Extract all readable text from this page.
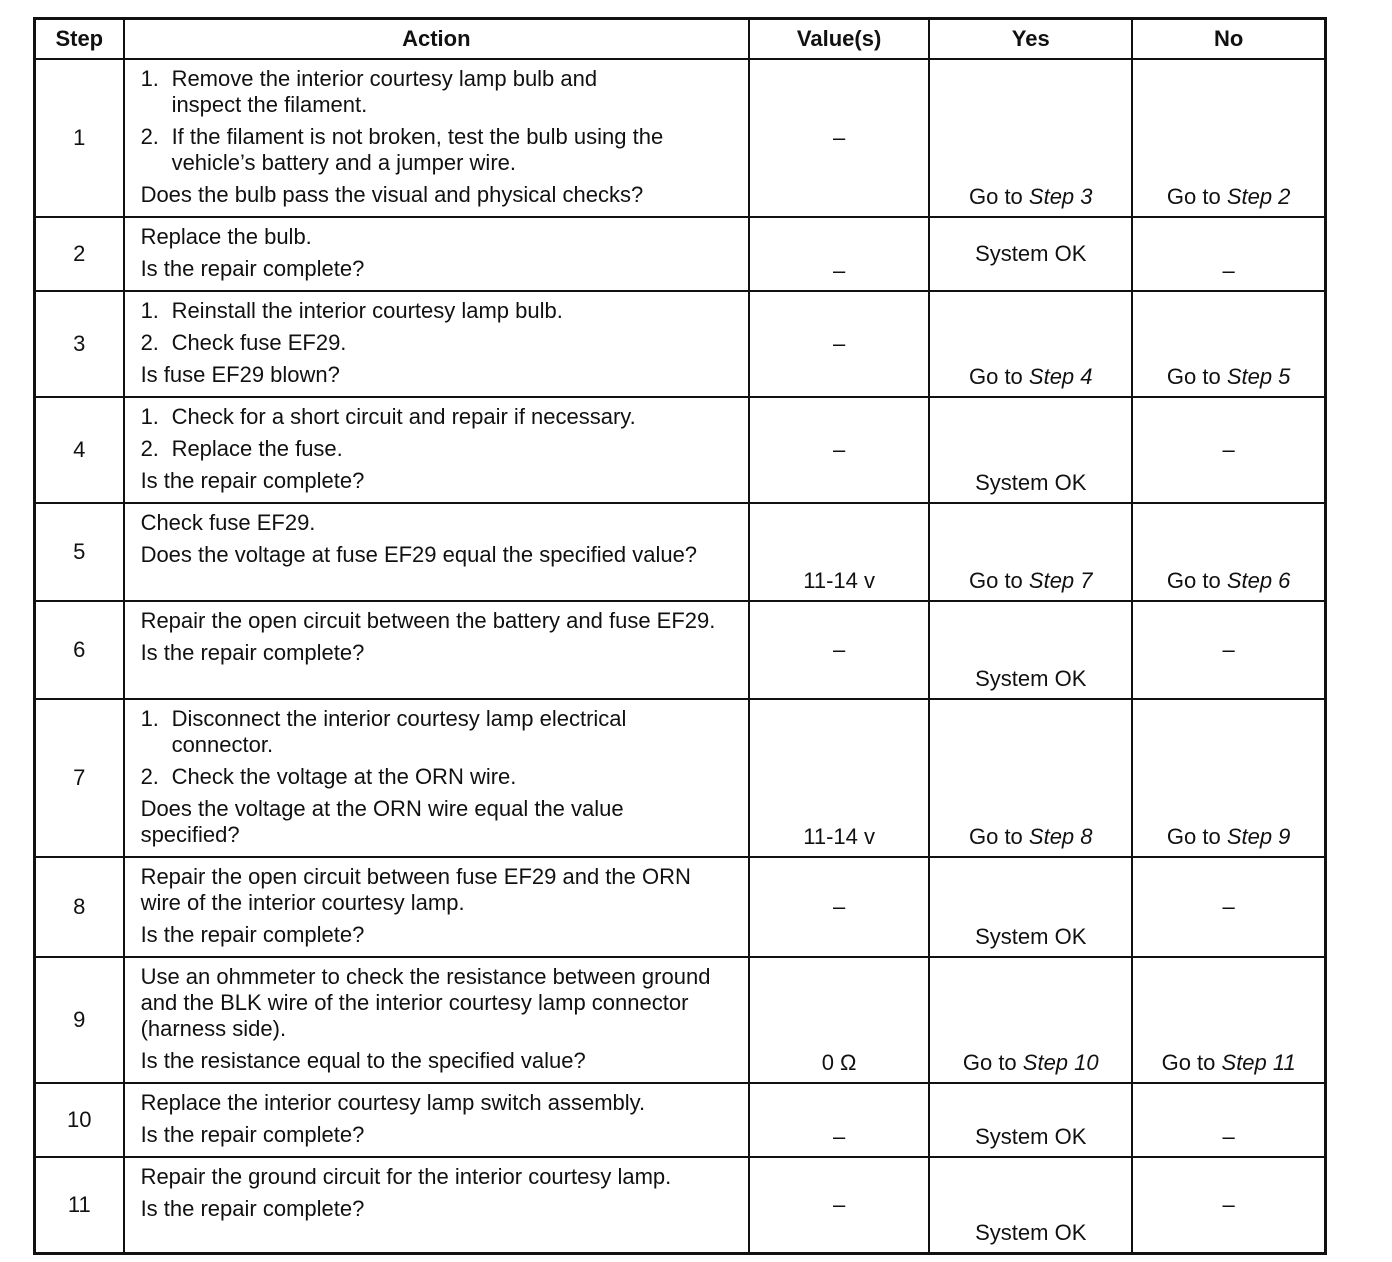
Step	Action	Value(s)	Yes	No
1	1. Remove the interior courtesy lamp bulb and inspect the filament.
2. If the filament is not broken, test the bulb using the vehicle’s battery and a jumper wire.

Does the bulb pass the visual and physical checks?	–	Go to Step 3	Go to Step 2

2	Replace the bulb.

Is the repair complete?	–	System OK	–

3	1. Reinstall the interior courtesy lamp bulb.
2. Check fuse EF29.

Is fuse EF29 blown?	–	Go to Step 4	Go to Step 5

4	1. Check for a short circuit and repair if necessary.
2. Replace the fuse.

Is the repair complete?	–	System OK	–

5	Check fuse EF29.

Does the voltage at fuse EF29 equal the specified value?	11-14 v	Go to Step 7	Go to Step 6

6	Repair the open circuit between the battery and fuse EF29.

Is the repair complete?	–	System OK	–

7	1. Disconnect the interior courtesy lamp electrical connector.
2. Check the voltage at the ORN wire.

Does the voltage at the ORN wire equal the value specified?	11-14 v	Go to Step 8	Go to Step 9

8	Repair the open circuit between fuse EF29 and the ORN wire of the interior courtesy lamp.

Is the repair complete?	–	System OK	–

9	Use an ohmmeter to check the resistance between ground and the BLK wire of the interior courtesy lamp connector (harness side).

Is the resistance equal to the specified value?	0 Ω	Go to Step 10	Go to Step 11

10	Replace the interior courtesy lamp switch assembly.

Is the repair complete?	–	System OK	–

11	Repair the ground circuit for the interior courtesy lamp.

Is the repair complete?	–	System OK	–
